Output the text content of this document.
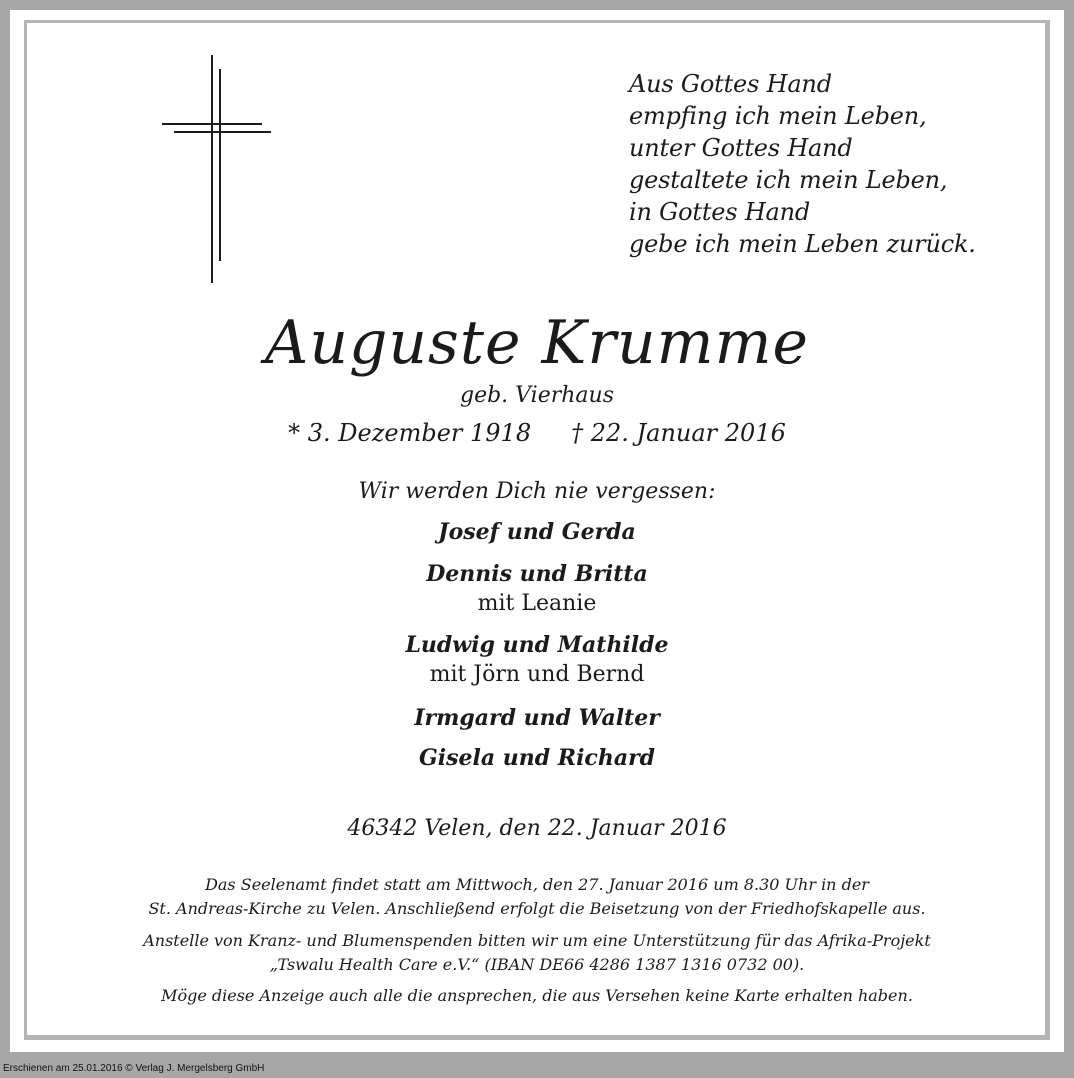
Aus Gottes Hand
empfing ich mein Leben,
unter Gottes Hand
gestaltete ich mein Leben,
in Gottes Hand
gebe ich mein Leben zurück.
Auguste Krumme
geb. Vierhaus
* 3. Dezember 1918 † 22. Januar 2016
Wir werden Dich nie vergessen:
Josef und Gerda
Dennis und Britta
mit Leanie
Ludwig und Mathilde
mit Jörn und Bernd
Irmgard und Walter
Gisela und Richard
46342 Velen, den 22. Januar 2016
Das Seelenamt findet statt am Mittwoch, den 27. Januar 2016 um 8.30 Uhr in der
St. Andreas-Kirche zu Velen. Anschließend erfolgt die Beisetzung von der Friedhofskapelle aus.
Anstelle von Kranz- und Blumenspenden bitten wir um eine Unterstützung für das Afrika-Projekt
„Tswalu Health Care e.V.“ (IBAN DE66 4286 1387 1316 0732 00).
Möge diese Anzeige auch alle die ansprechen, die aus Versehen keine Karte erhalten haben.
Erschienen am 25.01.2016 © Verlag J. Mergelsberg GmbH
